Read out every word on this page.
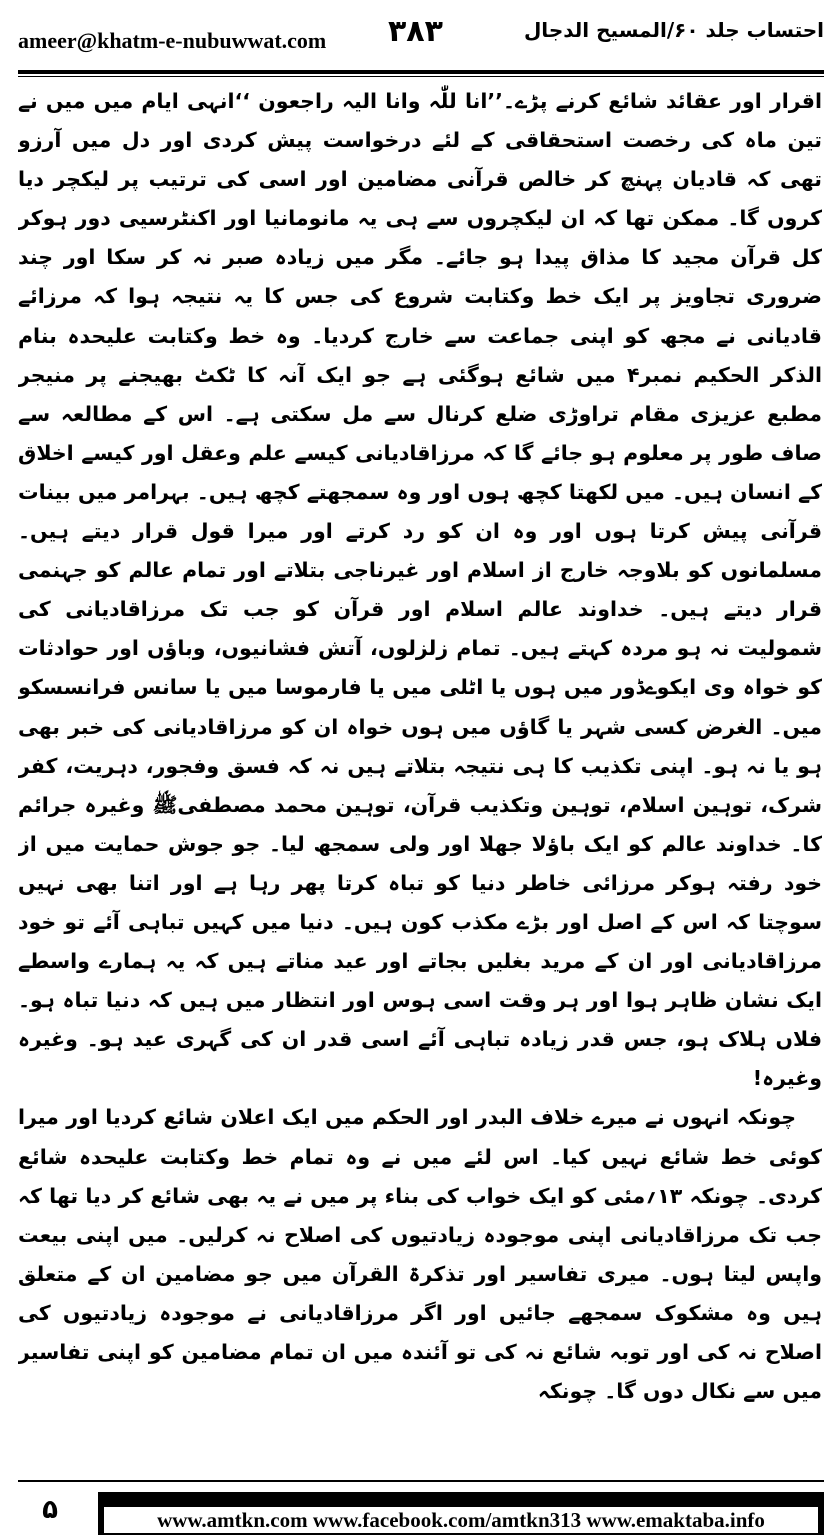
ameer@khatm-e-nubuwwat.com ۳۸۳	احتساب جلد ۶۰/المسیح الدجال

اقرار اور عقائد شائع کرنے پڑے۔’’انا للّٰہ وانا الیہ راجعون ‘‘انہی ایام میں میں نے تین ماہ کی رخصت استحقاقی کے لئے درخواست پیش کردی اور دل میں آرزو تھی کہ قادیان پہنچ کر خالص قرآنی مضامین اور اسی کی ترتیب پر لیکچر دیا کروں گا۔ ممکن تھا کہ ان لیکچروں سے ہی یہ مانومانیا اور اکنٹرسیی دور ہوکر کل قرآن مجید کا مذاق پیدا ہو جائے۔ مگر میں زیادہ صبر نہ کر سکا اور چند ضروری تجاویز پر ایک خط وکتابت شروع کی جس کا یہ نتیجہ ہوا کہ مرزائے قادیانی نے مجھ کو اپنی جماعت سے خارج کردیا۔ وہ خط وکتابت علیحدہ بنام الذکر الحکیم نمبر۴ میں شائع ہوگئی ہے جو ایک آنہ کا ٹکٹ بھیجنے پر منیجر مطبع عزیزی مقام تراوڑی ضلع کرنال سے مل سکتی ہے۔ اس کے مطالعہ سے صاف طور پر معلوم ہو جائے گا کہ مرزاقادیانی کیسے علم وعقل اور کیسے اخلاق کے انسان ہیں۔ میں لکھتا کچھ ہوں اور وہ سمجھتے کچھ ہیں۔ بہرامر میں بینات قرآنی پیش کرتا ہوں اور وہ ان کو رد کرتے اور میرا قول قرار دیتے ہیں۔ مسلمانوں کو بلاوجہ خارج از اسلام اور غیرناجی بتلاتے اور تمام عالم کو جہنمی قرار دیتے ہیں۔ خداوند عالم اسلام اور قرآن کو جب تک مرزاقادیانی کی شمولیت نہ ہو مردہ کہتے ہیں۔ تمام زلزلوں، آتش فشانیوں، وباؤں اور حوادثات کو خواہ وی ایکوےڈور میں ہوں یا اٹلی میں یا فارموسا میں یا سانس فرانسسکو میں۔ الغرض کسی شہر یا گاؤں میں ہوں خواہ ان کو مرزاقادیانی کی خبر بھی ہو یا نہ ہو۔ اپنی تکذیب کا ہی نتیجہ بتلاتے ہیں نہ کہ فسق وفجور، دہریت، کفر شرک، توہین اسلام، توہین وتکذیب قرآن، توہین محمد مصطفیﷺ وغیرہ جرائم کا۔ خداوند عالم کو ایک باؤلا جھلا اور ولی سمجھ لیا۔ جو جوش حمایت میں از خود رفتہ ہوکر مرزائی خاطر دنیا کو تباہ کرتا پھر رہا ہے اور اتنا بھی نہیں سوچتا کہ اس کے اصل اور بڑے مکذب کون ہیں۔ دنیا میں کہیں تباہی آئے تو خود مرزاقادیانی اور ان کے مرید بغلیں بجاتے اور عید مناتے ہیں کہ یہ ہمارے واسطے ایک نشان ظاہر ہوا اور ہر وقت اسی ہوس اور انتظار میں ہیں کہ دنیا تباہ ہو۔ فلاں ہلاک ہو، جس قدر زیادہ تباہی آئے اسی قدر ان کی گہری عید ہو۔ وغیرہ وغیرہ!

چونکہ انہوں نے میرے خلاف البدر اور الحکم میں ایک اعلان شائع کردیا اور میرا کوئی خط شائع نہیں کیا۔ اس لئے میں نے وہ تمام خط وکتابت علیحدہ شائع کردی۔ چونکہ ۱۳؍مئی کو ایک خواب کی بناء پر میں نے یہ بھی شائع کر دیا تھا کہ جب تک مرزاقادیانی اپنی موجودہ زیادتیوں کی اصلاح نہ کرلیں۔ میں اپنی بیعت واپس لیتا ہوں۔ میری تفاسیر اور تذکرۃ القرآن میں جو مضامین ان کے متعلق ہیں وہ مشکوک سمجھے جائیں اور اگر مرزاقادیانی نے موجودہ زیادتیوں کی اصلاح نہ کی اور توبہ شائع نہ کی تو آئندہ میں ان تمام مضامین کو اپنی تفاسیر میں سے نکال دوں گا۔ چونکہ

۵	www.amtkn.com www.facebook.com/amtkn313 www.emaktaba.info
